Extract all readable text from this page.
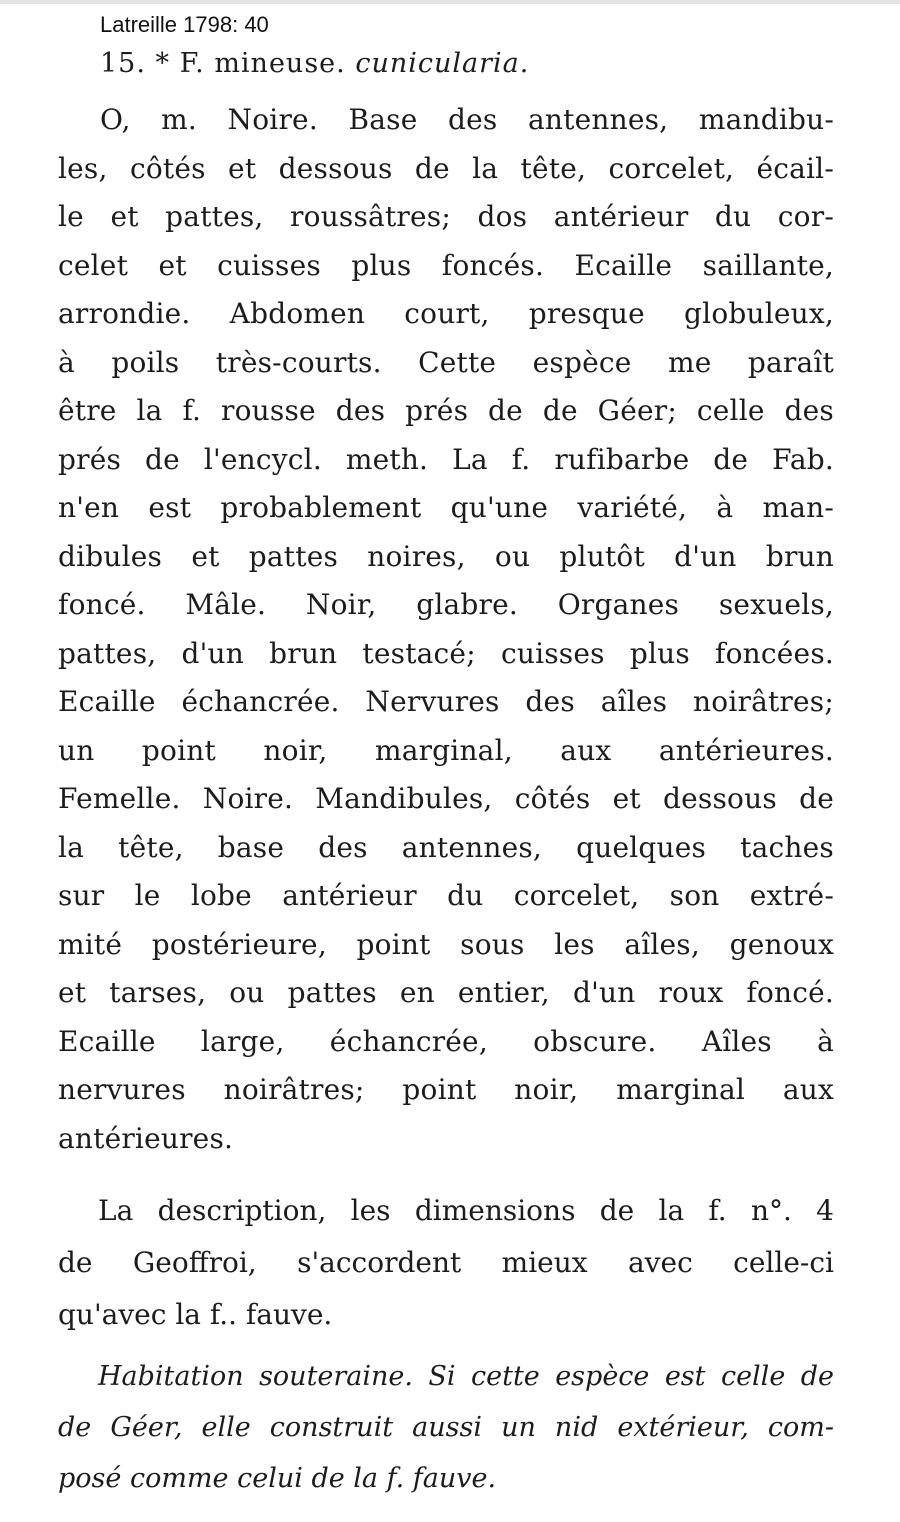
Latreille 1798: 40
15. * F. mineuse. cunicularia.
O, m. Noire. Base des antennes, mandibu-
les, côtés et dessous de la tête, corcelet, écail-
le et pattes, roussâtres; dos antérieur du cor-
celet et cuisses plus foncés. Ecaille saillante,
arrondie. Abdomen court, presque globuleux,
à poils très-courts. Cette espèce me paraît
être la f. rousse des prés de de Géer; celle des
prés de l'encycl. meth. La f. rufibarbe de Fab.
n'en est probablement qu'une variété, à man-
dibules et pattes noires, ou plutôt d'un brun
foncé. Mâle. Noir, glabre. Organes sexuels,
pattes, d'un brun testacé; cuisses plus foncées.
Ecaille échancrée. Nervures des aîles noirâtres;
un point noir, marginal, aux antérieures.
Femelle. Noire. Mandibules, côtés et dessous de
la tête, base des antennes, quelques taches
sur le lobe antérieur du corcelet, son extré-
mité postérieure, point sous les aîles, genoux
et tarses, ou pattes en entier, d'un roux foncé.
Ecaille large, échancrée, obscure. Aîles à
nervures noirâtres; point noir, marginal aux
antérieures.
La description, les dimensions de la f. n°. 4
de Geoffroi, s'accordent mieux avec celle-ci
qu'avec la f.. fauve.
Habitation souteraine. Si cette espèce est celle de
de Géer, elle construit aussi un nid extérieur, com-
posé comme celui de la f. fauve.
